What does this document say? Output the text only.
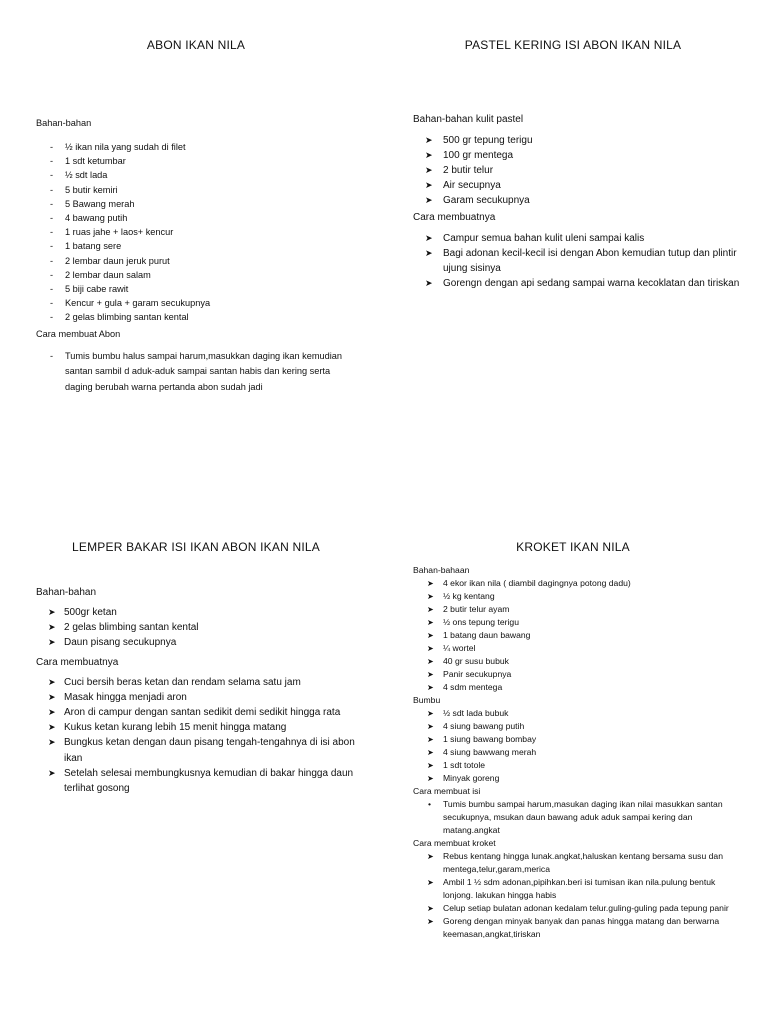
ABON IKAN NILA

Bahan-bahan

- ½ ikan nila yang sudah di filet
- 1 sdt ketumbar
- ½ sdt lada
- 5 butir kemiri
- 5 Bawang merah
- 4 bawang putih
- 1 ruas jahe + laos+ kencur
- 1 batang sere
- 2 lembar daun jeruk purut
- 2 lembar daun salam
- 5 biji cabe rawit
- Kencur + gula + garam secukupnya
- 2 gelas blimbing santan kental

Cara membuat Abon

- Tumis bumbu halus sampai harum,masukkan daging ikan kemudian santan sambil d aduk-aduk sampai santan habis dan kering serta daging berubah warna pertanda abon sudah jadi
PASTEL KERING ISI ABON IKAN NILA

Bahan-bahan kulit pastel

➤ 500 gr tepung terigu
➤ 100 gr mentega
➤ 2 butir telur
➤ Air secupnya
➤ Garam secukupnya

Cara membuatnya

➤ Campur semua bahan kulit uleni sampai kalis
➤ Bagi adonan kecil-kecil isi dengan Abon kemudian tutup dan plintir ujung sisinya
➤ Gorengn dengan api sedang sampai warna kecoklatan dan tiriskan
LEMPER BAKAR ISI IKAN ABON IKAN NILA

Bahan-bahan

➤ 500gr ketan
➤ 2 gelas blimbing santan kental
➤ Daun pisang secukupnya

Cara membuatnya

➤ Cuci bersih beras ketan dan rendam selama satu jam
➤ Masak hingga menjadi aron
➤ Aron di campur dengan santan sedikit demi sedikit hingga rata
➤ Kukus ketan kurang lebih 15 menit hingga matang
➤ Bungkus ketan dengan daun pisang tengah-tengahnya di isi abon ikan
➤ Setelah selesai membungkusnya kemudian di bakar hingga daun terlihat gosong
KROKET IKAN NILA

Bahan-bahaan

➤ 4 ekor ikan nila ( diambil dagingnya potong dadu)
➤ ½ kg kentang
➤ 2 butir telur ayam
➤ ½ ons tepung terigu
➤ 1 batang daun bawang
➤ ¼ wortel
➤ 40 gr susu bubuk
➤ Panir secukupnya
➤ 4 sdm mentega

Bumbu

➤ ½ sdt lada bubuk
➤ 4 siung bawang putih
➤ 1 siung bawang bombay
➤ 4 siung bawwang merah
➤ 1 sdt totole
➤ Minyak goreng

Cara membuat isi

• Tumis bumbu sampai harum,masukan daging ikan nilai masukkan santan secukupnya, msukan daun bawang aduk aduk sampai kering dan matang.angkat

Cara membuat kroket

➤ Rebus kentang hingga lunak.angkat,haluskan kentang bersama susu dan mentega,telur,garam,merica
➤ Ambil 1 ½ sdm adonan,pipihkan.beri isi tumisan ikan nila.pulung bentuk lonjong. lakukan hingga habis
➤ Celup setiap bulatan adonan kedalam telur.guling-guling pada tepung panir
➤ Goreng dengan minyak banyak dan panas hingga matang dan berwarna keemasan,angkat,tiriskan
